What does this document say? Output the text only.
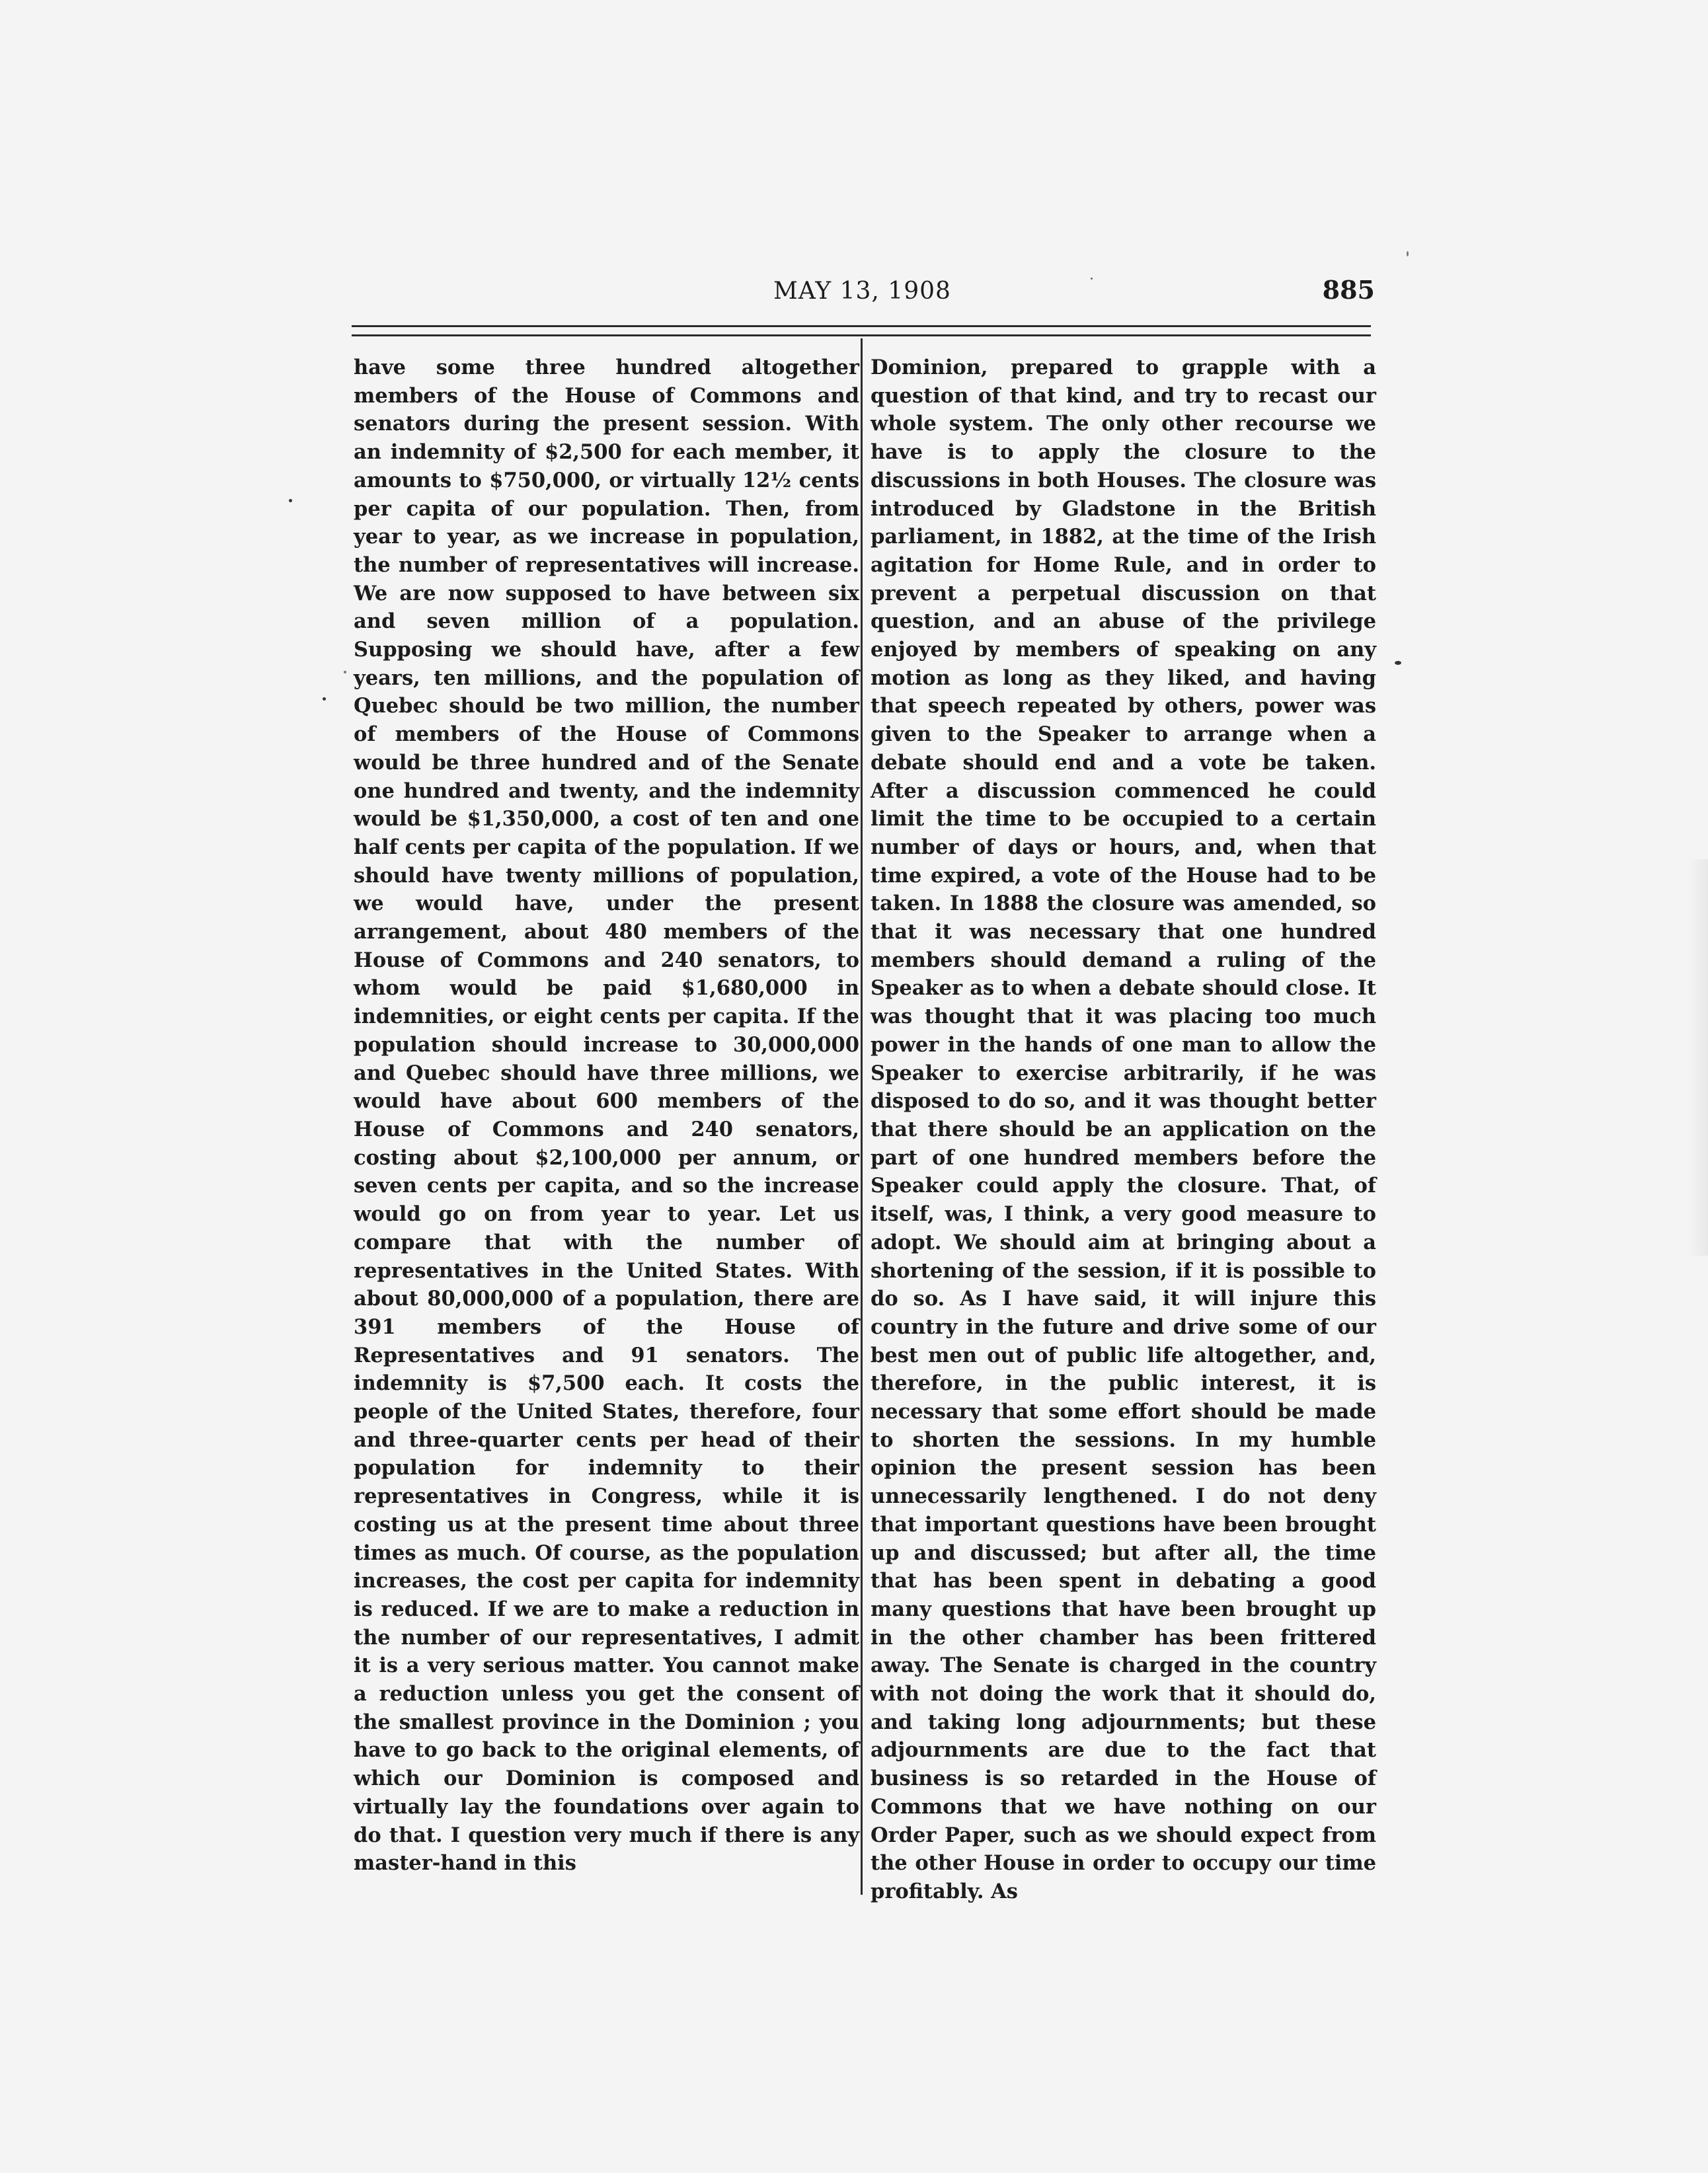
MAY 13, 1908	885

have some three hundred altogether members of the House of Commons and senators during the present session. With an indemnity of $2,500 for each member, it amounts to $750,000, or virtually 12½ cents per capita of our population. Then, from year to year, as we increase in population, the number of representatives will increase. We are now supposed to have between six and seven million of a population. Supposing we should have, after a few years, ten millions, and the population of Quebec should be two million, the number of members of the House of Commons would be three hundred and of the Senate one hundred and twenty, and the indemnity would be $1,350,000, a cost of ten and one half cents per capita of the population. If we should have twenty millions of population, we would have, under the present arrangement, about 480 members of the House of Commons and 240 senators, to whom would be paid $1,680,000 in indemnities, or eight cents per capita. If the population should increase to 30,000,000 and Quebec should have three millions, we would have about 600 members of the House of Commons and 240 senators, costing about $2,100,000 per annum, or seven cents per capita, and so the increase would go on from year to year. Let us compare that with the number of representatives in the United States. With about 80,000,000 of a population, there are 391 members of the House of Representatives and 91 senators. The indemnity is $7,500 each. It costs the people of the United States, therefore, four and three-quarter cents per head of their population for indemnity to their representatives in Congress, while it is costing us at the present time about three times as much. Of course, as the population increases, the cost per capita for indemnity is reduced. If we are to make a reduction in the number of our representatives, I admit it is a very serious matter. You cannot make a reduction unless you get the consent of the smallest province in the Dominion ; you have to go back to the original elements, of which our Dominion is composed and virtually lay the foundations over again to do that. I question very much if there is any master-hand in this

Dominion, prepared to grapple with a question of that kind, and try to recast our whole system. The only other recourse we have is to apply the closure to the discussions in both Houses. The closure was introduced by Gladstone in the British parliament, in 1882, at the time of the Irish agitation for Home Rule, and in order to prevent a perpetual discussion on that question, and an abuse of the privilege enjoyed by members of speaking on any motion as long as they liked, and having that speech repeated by others, power was given to the Speaker to arrange when a debate should end and a vote be taken. After a discussion commenced he could limit the time to be occupied to a certain number of days or hours, and, when that time expired, a vote of the House had to be taken. In 1888 the closure was amended, so that it was necessary that one hundred members should demand a ruling of the Speaker as to when a debate should close. It was thought that it was placing too much power in the hands of one man to allow the Speaker to exercise arbitrarily, if he was disposed to do so, and it was thought better that there should be an application on the part of one hundred members before the Speaker could apply the closure. That, of itself, was, I think, a very good measure to adopt. We should aim at bringing about a shortening of the session, if it is possible to do so. As I have said, it will injure this country in the future and drive some of our best men out of public life altogether, and, therefore, in the public interest, it is necessary that some effort should be made to shorten the sessions. In my humble opinion the present session has been unnecessarily lengthened. I do not deny that important questions have been brought up and discussed; but after all, the time that has been spent in debating a good many questions that have been brought up in the other chamber has been frittered away. The Senate is charged in the country with not doing the work that it should do, and taking long adjournments; but these adjournments are due to the fact that business is so retarded in the House of Commons that we have nothing on our Order Paper, such as we should expect from the other House in order to occupy our time profitably. As
